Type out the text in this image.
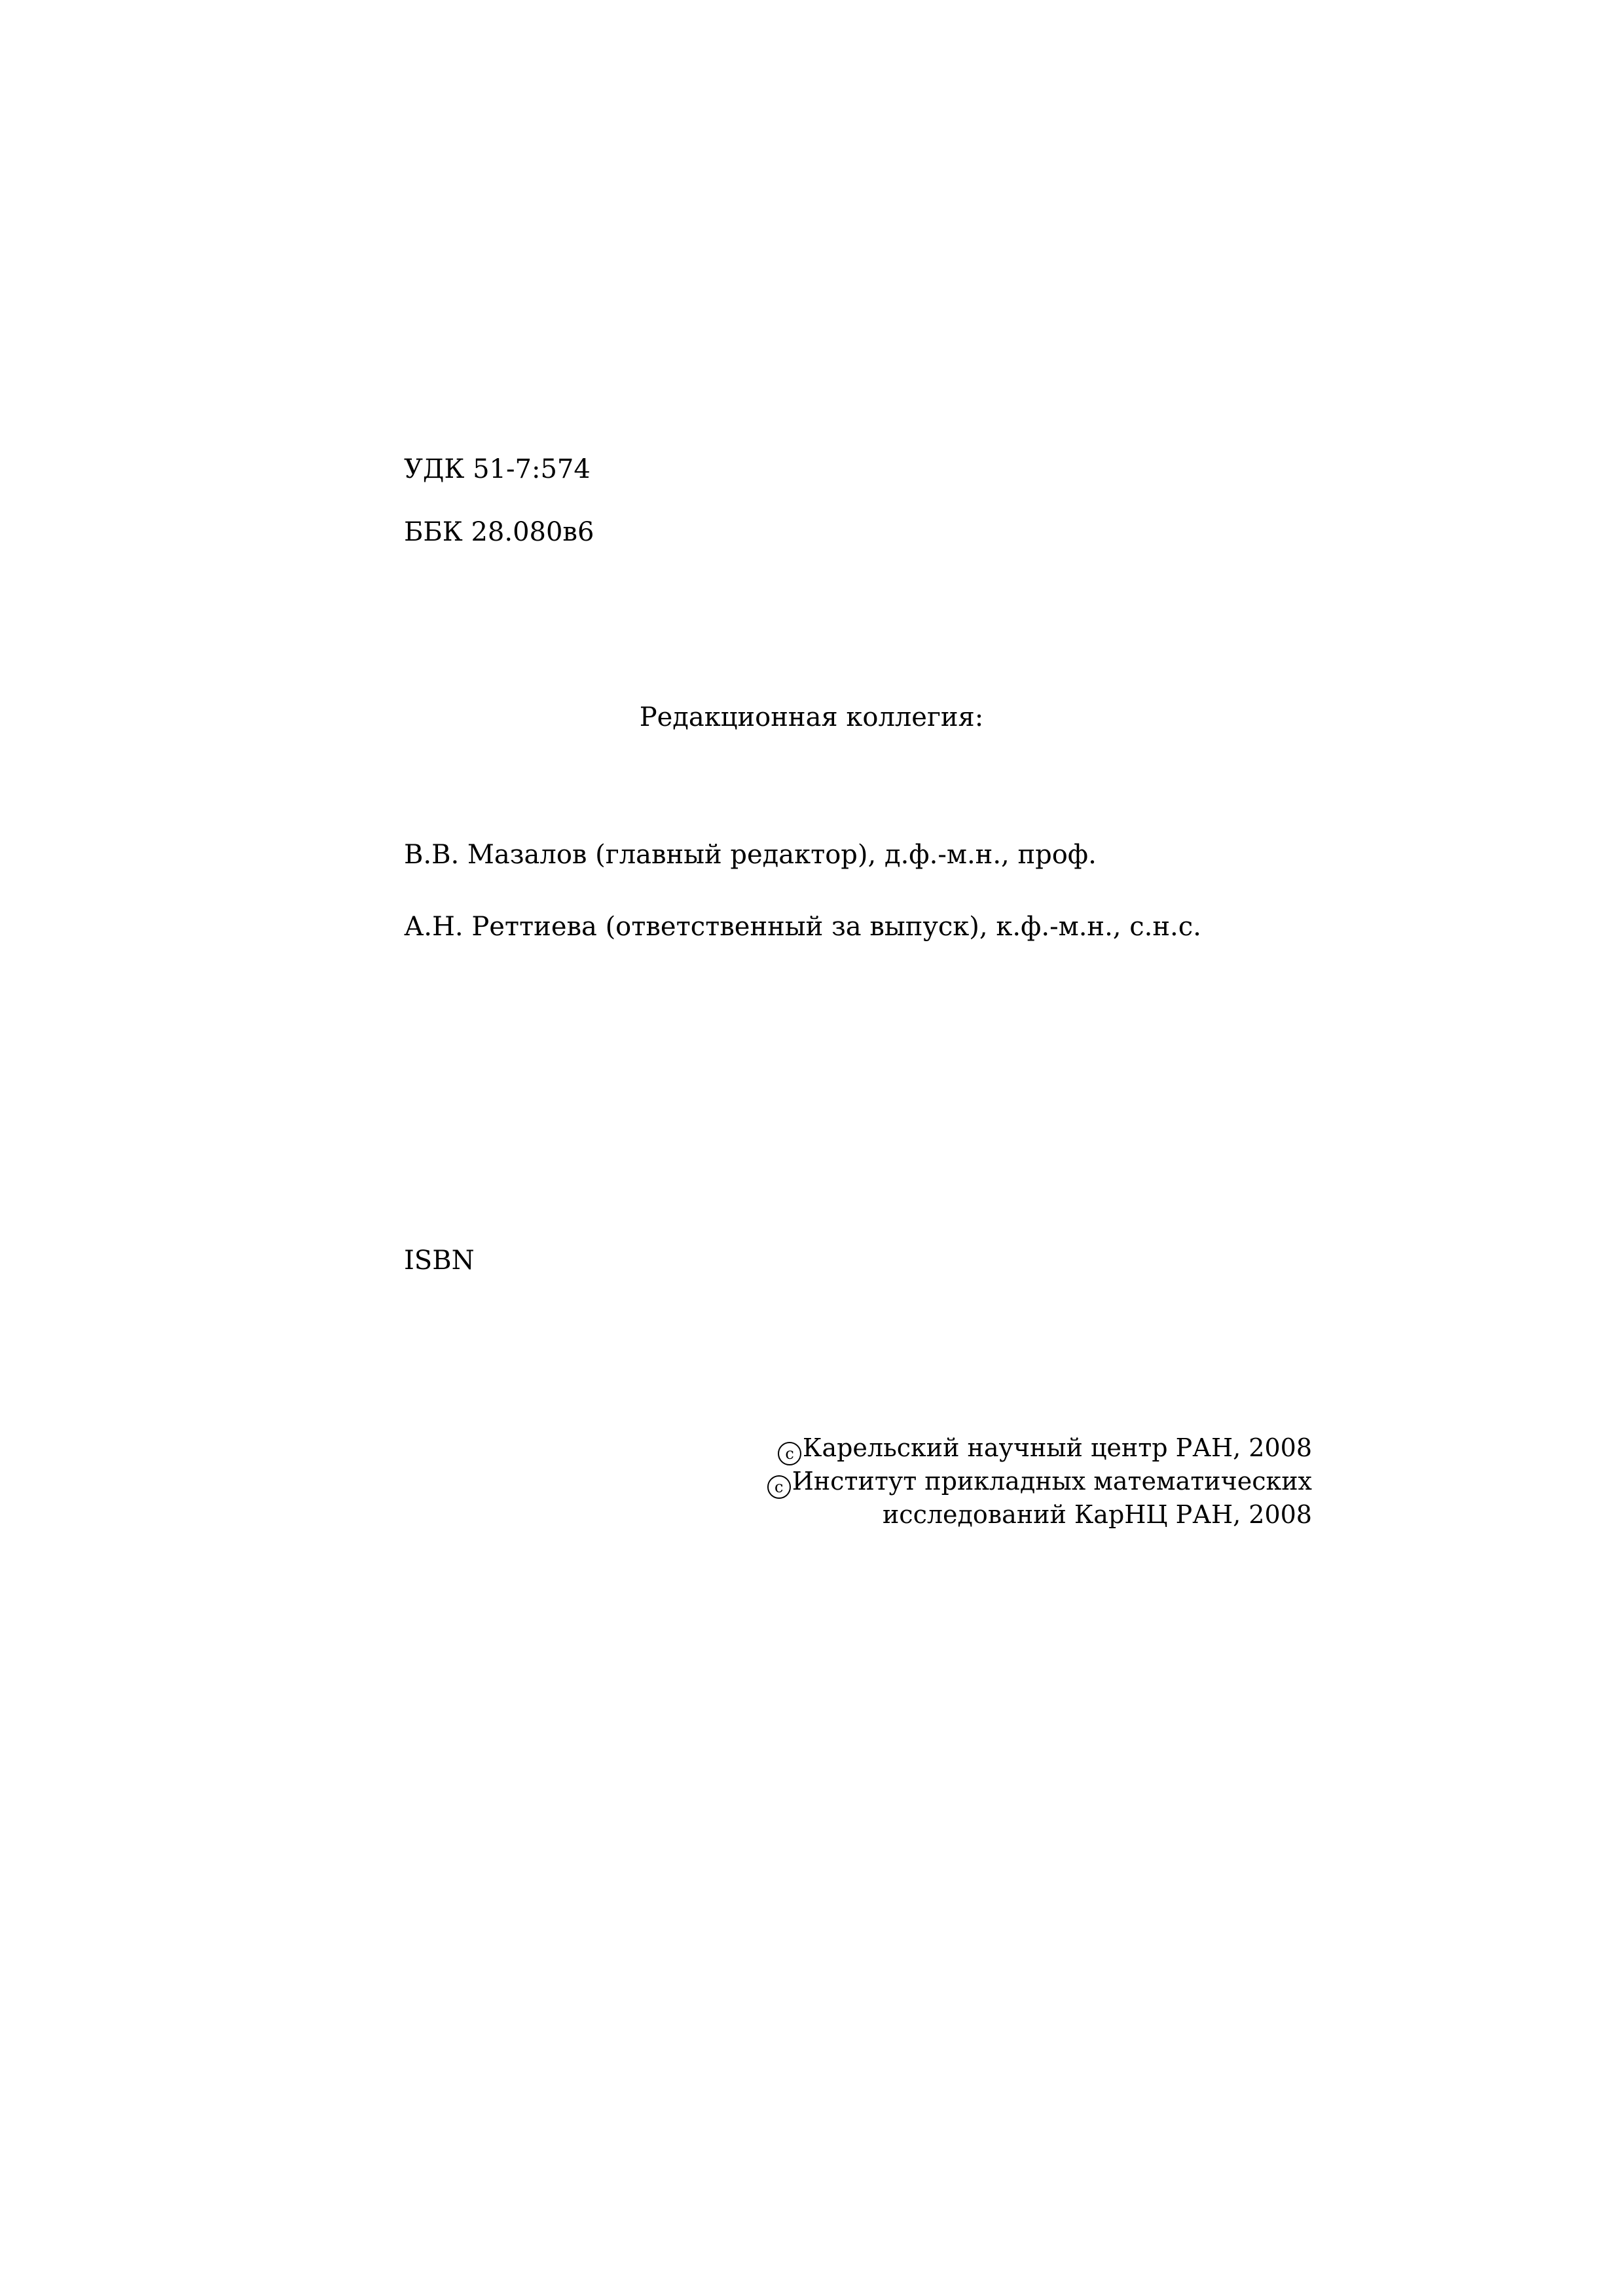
УДК 51-7:574
ББК 28.080в6
Редакционная коллегия:
В.В. Мазалов (главный редактор), д.ф.-м.н., проф.
А.Н. Реттиева (ответственный за выпуск), к.ф.-м.н., с.н.с.
ISBN
c Карельский научный центр РАН, 2008
c Институт прикладных математических
исследований КарНЦ РАН, 2008
